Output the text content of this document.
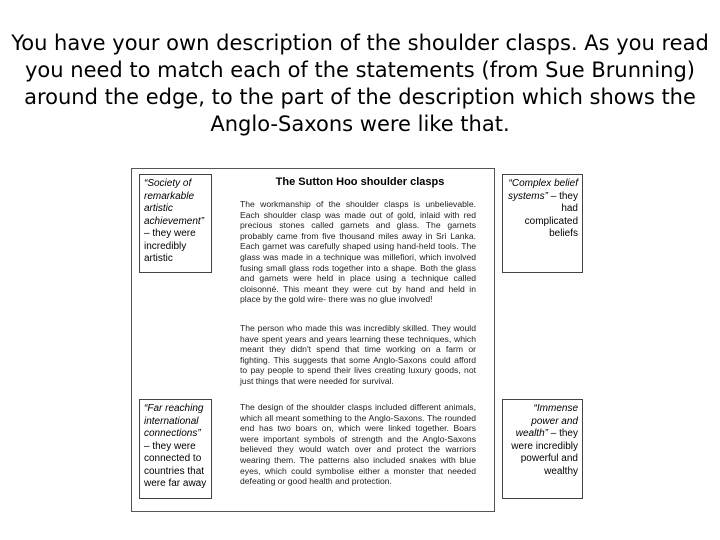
You have your own description of the shoulder clasps. As you read you need to match each of the statements (from Sue Brunning) around the edge, to the part of the description which shows the Anglo-Saxons were like that.
The Sutton Hoo shoulder clasps
The workmanship of the shoulder clasps is unbelievable. Each shoulder clasp was made out of gold, inlaid with red precious stones called garnets and glass. The garnets probably came from five thousand miles away in Sri Lanka. Each garnet was carefully shaped using hand-held tools. The glass was made in a technique was millefiori, which involved fusing small glass rods together into a shape. Both the glass and garnets were held in place using a technique called cloisonné. This meant they were cut by hand and held in place by the gold wire- there was no glue involved!
The person who made this was incredibly skilled. They would have spent years and years learning these techniques, which meant they didn't spend that time working on a farm or fighting. This suggests that some Anglo-Saxons could afford to pay people to spend their lives creating luxury goods, not just things that were needed for survival.
The design of the shoulder clasps included different animals, which all meant something to the Anglo-Saxons. The rounded end has two boars on, which were linked together. Boars were important symbols of strength and the Anglo-Saxons believed they would watch over and protect the warriors wearing them. The patterns also included snakes with blue eyes, which could symbolise either a monster that needed defeating or good health and protection.
“Society of remarkable artistic achievement” – they were incredibly artistic
“Complex belief systems” – they had complicated beliefs
“Far reaching international connections” – they were connected to countries that were far away
“Immense power and wealth” – they were incredibly powerful and wealthy
